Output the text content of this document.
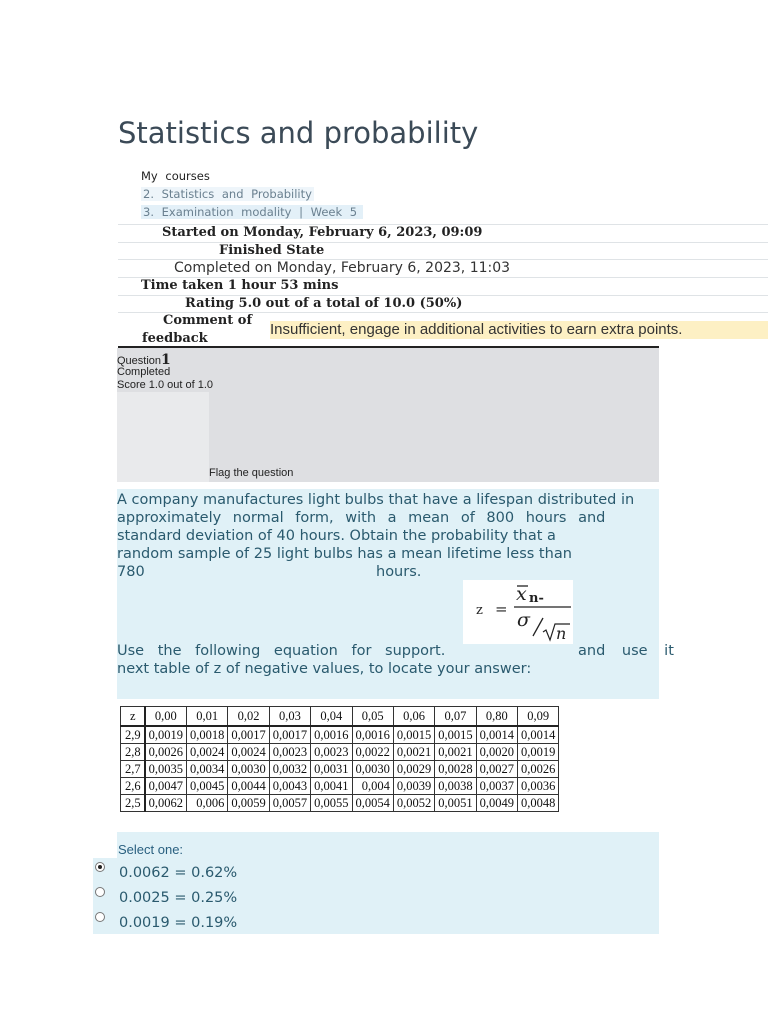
Statistics and probability
My courses
2. Statistics and Probability
3. Examination modality | Week 5
Started on Monday, February 6, 2023, 09:09
Finished State
Completed on Monday, February 6, 2023, 11:03
Time taken 1 hour 53 mins
Rating 5.0 out of a total of 10.0 (50%)
Comment of
feedback
Insufficient, engage in additional activities to earn extra points.
Question1
Completed
Score 1.0 out of 1.0
Flag the question
A company manufactures light bulbs that have a lifespan distributed in
approximately normal form, with a mean of 800 hours and
standard deviation of 40 hours. Obtain the probability that a
random sample of 25 light bulbs has a mean lifetime less than
780	hours.
z =
x n-
σ
n
Use the following equation for support.	and use it
next table of z of negative values, to locate your answer:
z	0,00	0,01	0,02	0,03	0,04	0,05	0,06	0,07	0,80	0,09
2,9	0,0019	0,0018	0,0017	0,0017	0,0016	0,0016	0,0015	0,0015	0,0014	0,0014
2,8	0,0026	0,0024	0,0024	0,0023	0,0023	0,0022	0,0021	0,0021	0,0020	0,0019
2,7	0,0035	0,0034	0,0030	0,0032	0,0031	0,0030	0,0029	0,0028	0,0027	0,0026
2,6	0,0047	0,0045	0,0044	0,0043	0,0041	0,004	0,0039	0,0038	0,0037	0,0036
2,5	0,0062	0,006	0,0059	0,0057	0,0055	0,0054	0,0052	0,0051	0,0049	0,0048
Select one:
0.0062 = 0.62%
0.0025 = 0.25%
0.0019 = 0.19%
